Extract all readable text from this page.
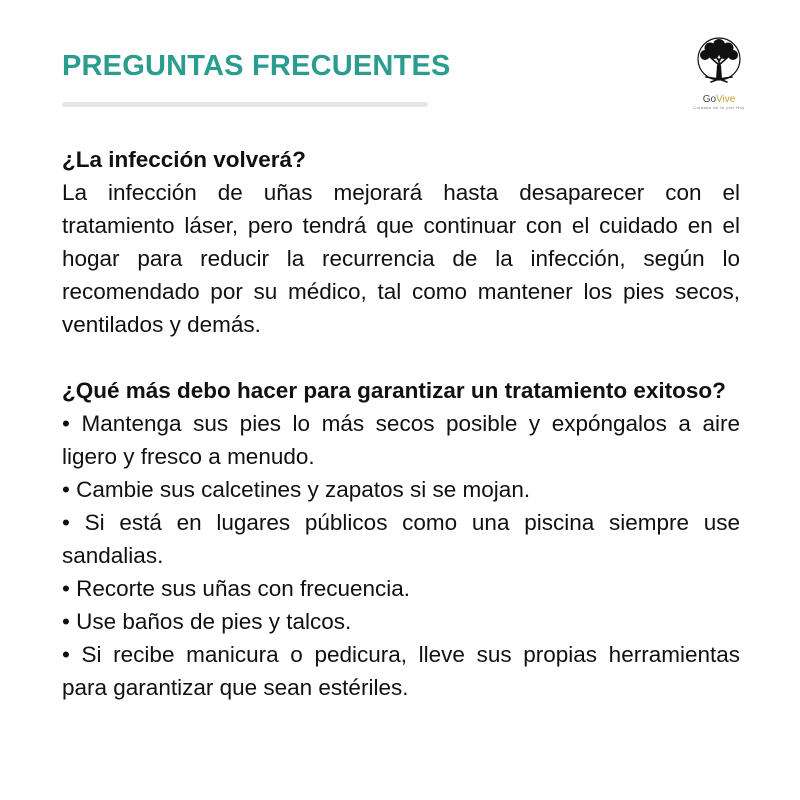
PREGUNTAS FRECUENTES
GoVive
Cuidado de tu piel Hoy

¿La infección volverá?

La infección de uñas mejorará hasta desaparecer con el tratamiento láser, pero tendrá que continuar con el cuidado en el hogar para reducir la recurrencia de la infección, según lo recomendado por su médico, tal como mantener los pies secos, ventilados y demás.

¿Qué más debo hacer para garantizar un tratamiento exitoso?

• Mantenga sus pies lo más secos posible y expóngalos a aire ligero y fresco a menudo.

• Cambie sus calcetines y zapatos si se mojan.

• Si está en lugares públicos como una piscina siempre use sandalias.

• Recorte sus uñas con frecuencia.

• Use baños de pies y talcos.

• Si recibe manicura o pedicura, lleve sus propias herramientas para garantizar que sean estériles.
